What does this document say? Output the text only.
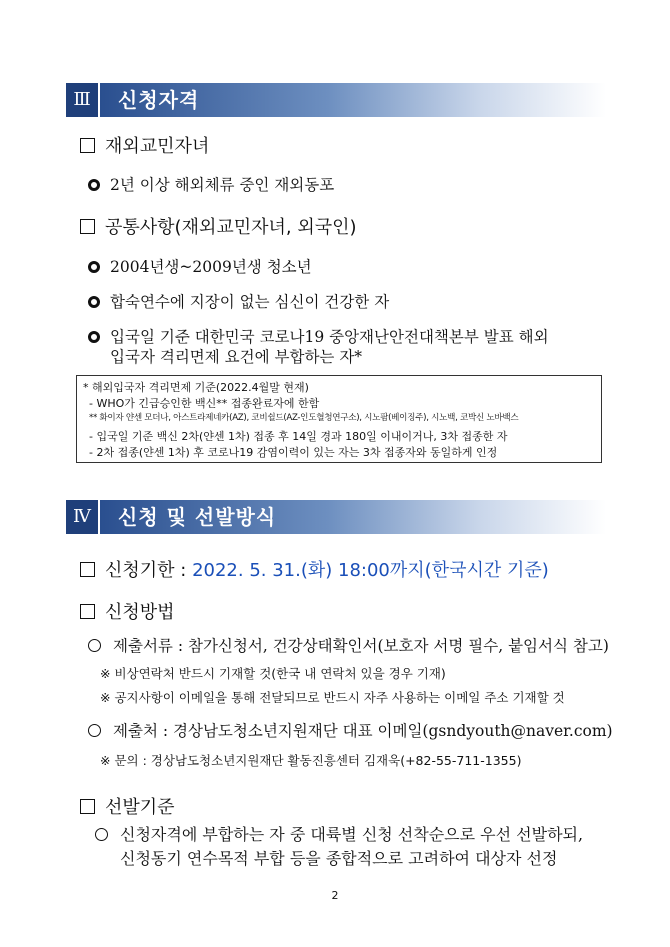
Ⅲ	신청자격
재외교민자녀
2년 이상 해외체류 중인 재외동포
공통사항(재외교민자녀, 외국인)
2004년생~2009년생 청소년
합숙연수에 지장이 없는 심신이 건강한 자
입국일 기준 대한민국 코로나19 중앙재난안전대책본부 발표 해외
입국자 격리면제 요건에 부합하는 자*
* 해외입국자 격리면제 기준(2022.4월말 현재)
- WHO가 긴급승인한 백신** 접종완료자에 한함
** 화이자 얀센 모더나, 아스트라제네카(AZ), 코비쉴드(AZ-인도혈청연구소), 시노팜(베이징주), 시노백, 코박신 노바백스
- 입국일 기준 백신 2차(얀센 1차) 접종 후 14일 경과 180일 이내이거나, 3차 접종한 자
- 2차 접종(얀센 1차) 후 코로나19 감염이력이 있는 자는 3차 접종자와 동일하게 인정
Ⅳ	신청 및 선발방식
신청기한 : 2022. 5. 31.(화) 18:00까지(한국시간 기준)
신청방법
제출서류 : 참가신청서, 건강상태확인서(보호자 서명 필수, 붙임서식 참고)
※ 비상연락처 반드시 기재할 것(한국 내 연락처 있을 경우 기재)
※ 공지사항이 이메일을 통해 전달되므로 반드시 자주 사용하는 이메일 주소 기재할 것
제출처 : 경상남도청소년지원재단 대표 이메일(gsndyouth@naver.com)
※ 문의 : 경상남도청소년지원재단 활동진흥센터 김재욱(+82-55-711-1355)
선발기준
신청자격에 부합하는 자 중 대륙별 신청 선착순으로 우선 선발하되,
신청동기 연수목적 부합 등을 종합적으로 고려하여 대상자 선정
2
